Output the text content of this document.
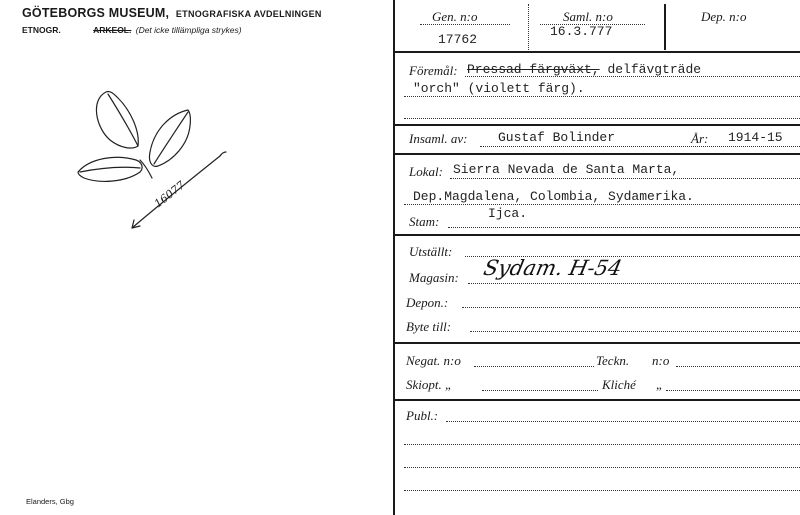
GÖTEBORGS MUSEUM, ETNOGRAFISKA AVDELNINGEN
ETNOGR.	ARKEOL. (Det icke tillämpliga strykes)
16077
Elanders, Gbg
Gen. n:o
17762
Saml. n:o
16.3.777
Dep. n:o
Föremål: Pressad färgväxt, delfävgträde
"orch" (violett färg).
Insaml. av: Gustaf Bolinder	År: 1914-15
Lokal: Sierra Nevada de Santa Marta,
Dep.Magdalena, Colombia, Sydamerika.
Stam:
Ijca.
Utställt:
Magasin: Sydam. H-54
Depon.:
Byte till:
Negat. n:o	Teckn. n:o
Skiopt. „	Kliché „
Publ.:
